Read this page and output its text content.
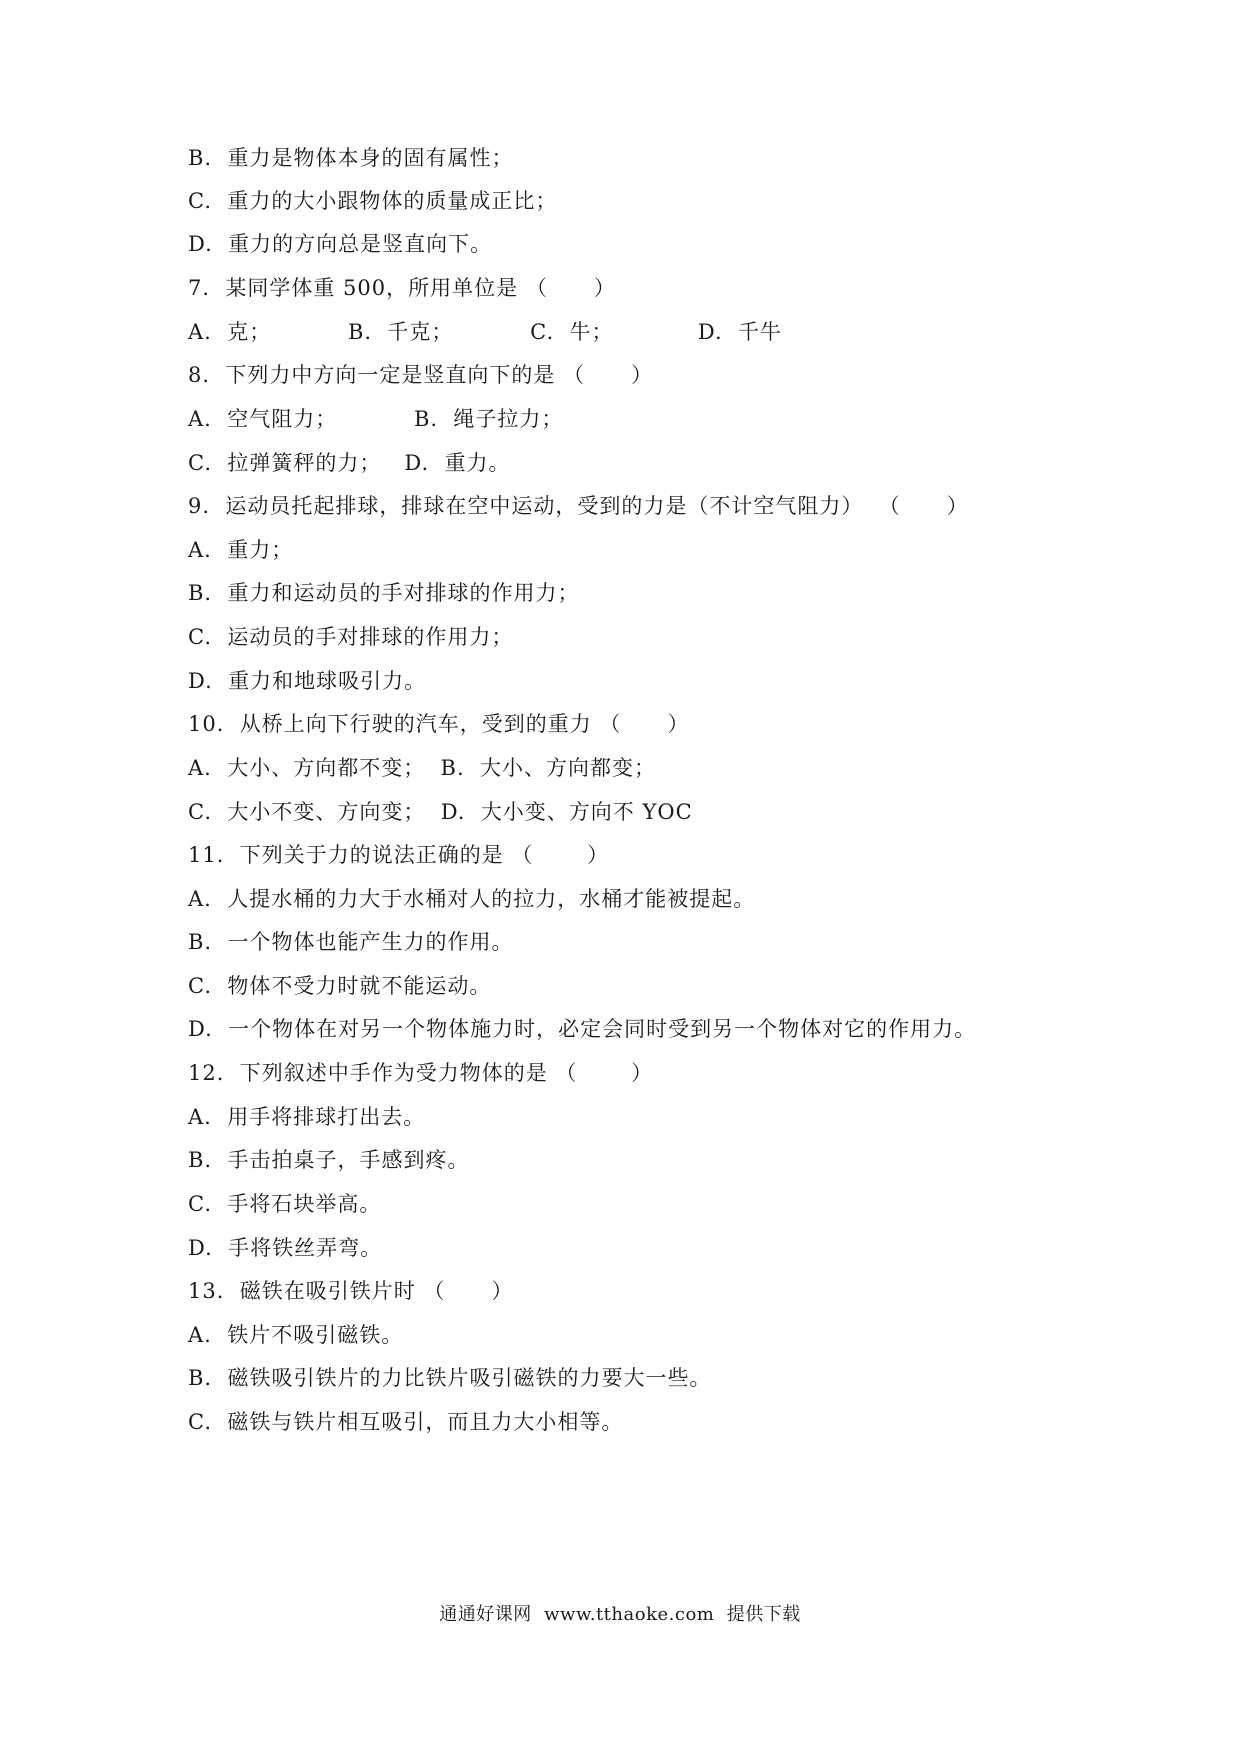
B.  重力是物体本身的固有属性；
C.  重力的大小跟物体的质量成正比；
D.  重力的方向总是竖直向下。
7.  某同学体重 500，所用单位是 （      ）
A.  克；          B.  千克；          C.  牛；           D.  千牛
8.  下列力中方向一定是竖直向下的是 （      ）
A.  空气阻力；          B.  绳子拉力；
C.  拉弹簧秤的力；   D.  重力。
9.  运动员托起排球，排球在空中运动，受到的力是（不计空气阻力）  （      ）
A.  重力；
B.  重力和运动员的手对排球的作用力；
C.  运动员的手对排球的作用力；
D.  重力和地球吸引力。
10.  从桥上向下行驶的汽车，受到的重力 （      ）
A.  大小、方向都不变；  B.  大小、方向都变；
C.  大小不变、方向变；  D.  大小变、方向不 YOC
11.  下列关于力的说法正确的是 （       ）
A.  人提水桶的力大于水桶对人的拉力，水桶才能被提起。
B.  一个物体也能产生力的作用。
C.  物体不受力时就不能运动。
D.  一个物体在对另一个物体施力时，必定会同时受到另一个物体对它的作用力。
12.  下列叙述中手作为受力物体的是 （       ）
A.  用手将排球打出去。
B.  手击拍桌子，手感到疼。
C.  手将石块举高。
D.  手将铁丝弄弯。
13.  磁铁在吸引铁片时 （      ）
A.  铁片不吸引磁铁。
B.  磁铁吸引铁片的力比铁片吸引磁铁的力要大一些。
C.  磁铁与铁片相互吸引，而且力大小相等。
通通好课网  www.tthaoke.com  提供下载
